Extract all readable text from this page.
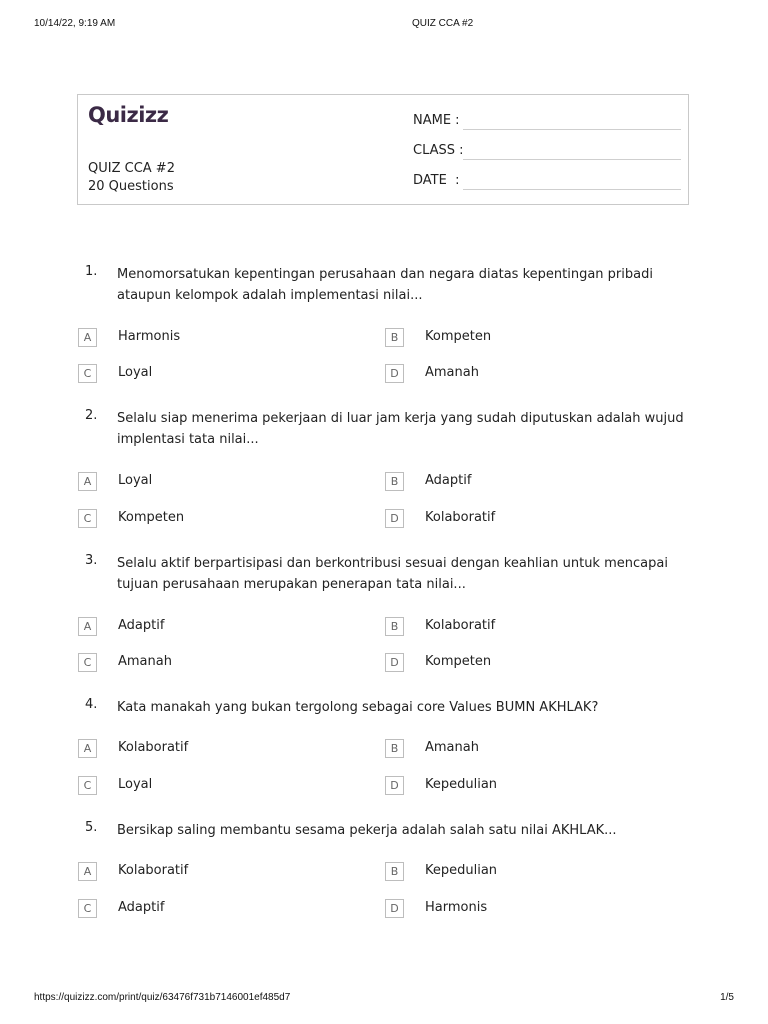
10/14/22, 9:19 AM	QUIZ CCA #2
Quizizz
QUIZ CCA #2
20 Questions
NAME :
CLASS :
DATE  :
1. Menomorsatukan kepentingan perusahaan dan negara diatas kepentingan pribadi ataupun kelompok adalah implementasi nilai...
A	Harmonis	B	Kompeten
C	Loyal	D	Amanah
2. Selalu siap menerima pekerjaan di luar jam kerja yang sudah diputuskan adalah wujud implentasi tata nilai...
A	Loyal	B	Adaptif
C	Kompeten	D	Kolaboratif
3. Selalu aktif berpartisipasi dan berkontribusi sesuai dengan keahlian untuk mencapai tujuan perusahaan merupakan penerapan tata nilai...
A	Adaptif	B	Kolaboratif
C	Amanah	D	Kompeten
4. Kata manakah yang bukan tergolong sebagai core Values BUMN AKHLAK?
A	Kolaboratif	B	Amanah
C	Loyal	D	Kepedulian
5. Bersikap saling membantu sesama pekerja adalah salah satu nilai AKHLAK...
A	Kolaboratif	B	Kepedulian
C	Adaptif	D	Harmonis
https://quizizz.com/print/quiz/63476f731b7146001ef485d7	1/5
